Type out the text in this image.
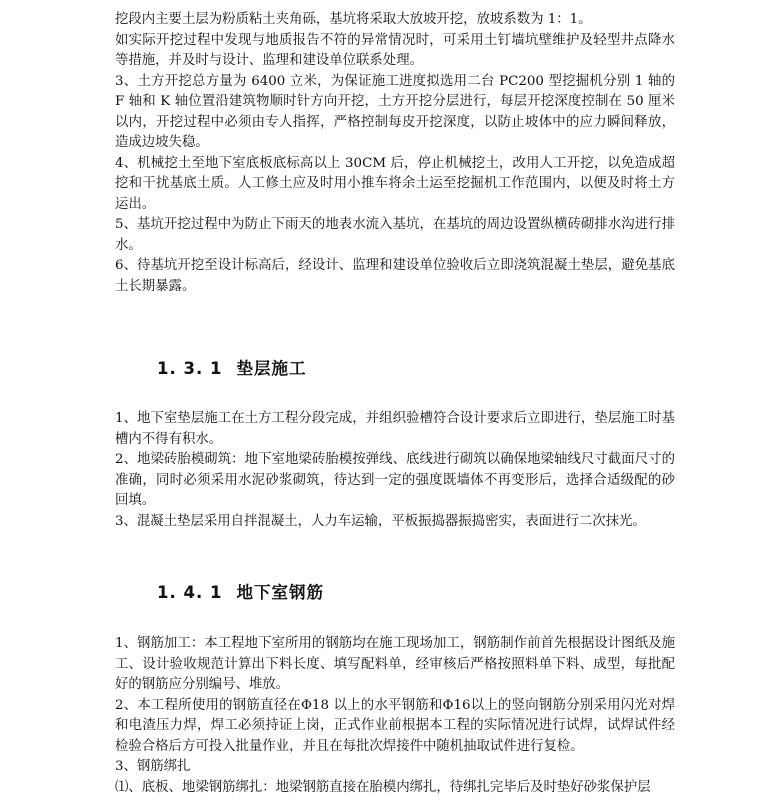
挖段内主要土层为粉质粘土夹角砾，基坑将采取大放坡开挖，放坡系数为 1：1。

如实际开挖过程中发现与地质报告不符的异常情况时，可采用土钉墙坑壁维护及轻型井点降水等措施，并及时与设计、监理和建设单位联系处理。

3、土方开挖总方量为 6400 立米，为保证施工进度拟选用二台 PC200 型挖掘机分别 1 轴的 F 轴和 K 轴位置沿建筑物顺时针方向开挖，土方开挖分层进行，每层开挖深度控制在 50 厘米以内，开挖过程中必须由专人指挥，严格控制每皮开挖深度，以防止坡体中的应力瞬间释放，造成边坡失稳。

4、机械挖土至地下室底板底标高以上 30CM 后，停止机械挖土，改用人工开挖，以免造成超挖和干扰基底土质。人工修土应及时用小推车将余土运至挖掘机工作范围内，以便及时将土方运出。

5、基坑开挖过程中为防止下雨天的地表水流入基坑，在基坑的周边设置纵横砖砌排水沟进行排水。

6、待基坑开挖至设计标高后，经设计、监理和建设单位验收后立即浇筑混凝土垫层，避免基底土长期暴露。

1. 3. 1 垫层施工

1、地下室垫层施工在土方工程分段完成，并组织验槽符合设计要求后立即进行，垫层施工时基槽内不得有积水。

2、地梁砖胎模砌筑：地下室地梁砖胎模按弹线、底线进行砌筑以确保地梁轴线尺寸截面尺寸的准确，同时必须采用水泥砂浆砌筑，待达到一定的强度既墙体不再变形后，选择合适级配的砂回填。

3、混凝土垫层采用自拌混凝土，人力车运输，平板振捣器振捣密实，表面进行二次抹光。

1. 4. 1 地下室钢筋

1、钢筋加工：本工程地下室所用的钢筋均在施工现场加工，钢筋制作前首先根据设计图纸及施工、设计验收规范计算出下料长度、填写配料单，经审核后严格按照料单下料、成型，每批配好的钢筋应分别编号、堆放。

2、本工程所使用的钢筋直径在Φ18 以上的水平钢筋和Φ16以上的竖向钢筋分别采用闪光对焊和电渣压力焊，焊工必须持证上岗，正式作业前根据本工程的实际情况进行试焊，试焊试件经检验合格后方可投入批量作业，并且在每批次焊接件中随机抽取试件进行复检。

3、钢筋绑扎

⑴、底板、地梁钢筋绑扎：地梁钢筋直接在胎模内绑扎，待绑扎完毕后及时垫好砂浆保护层
